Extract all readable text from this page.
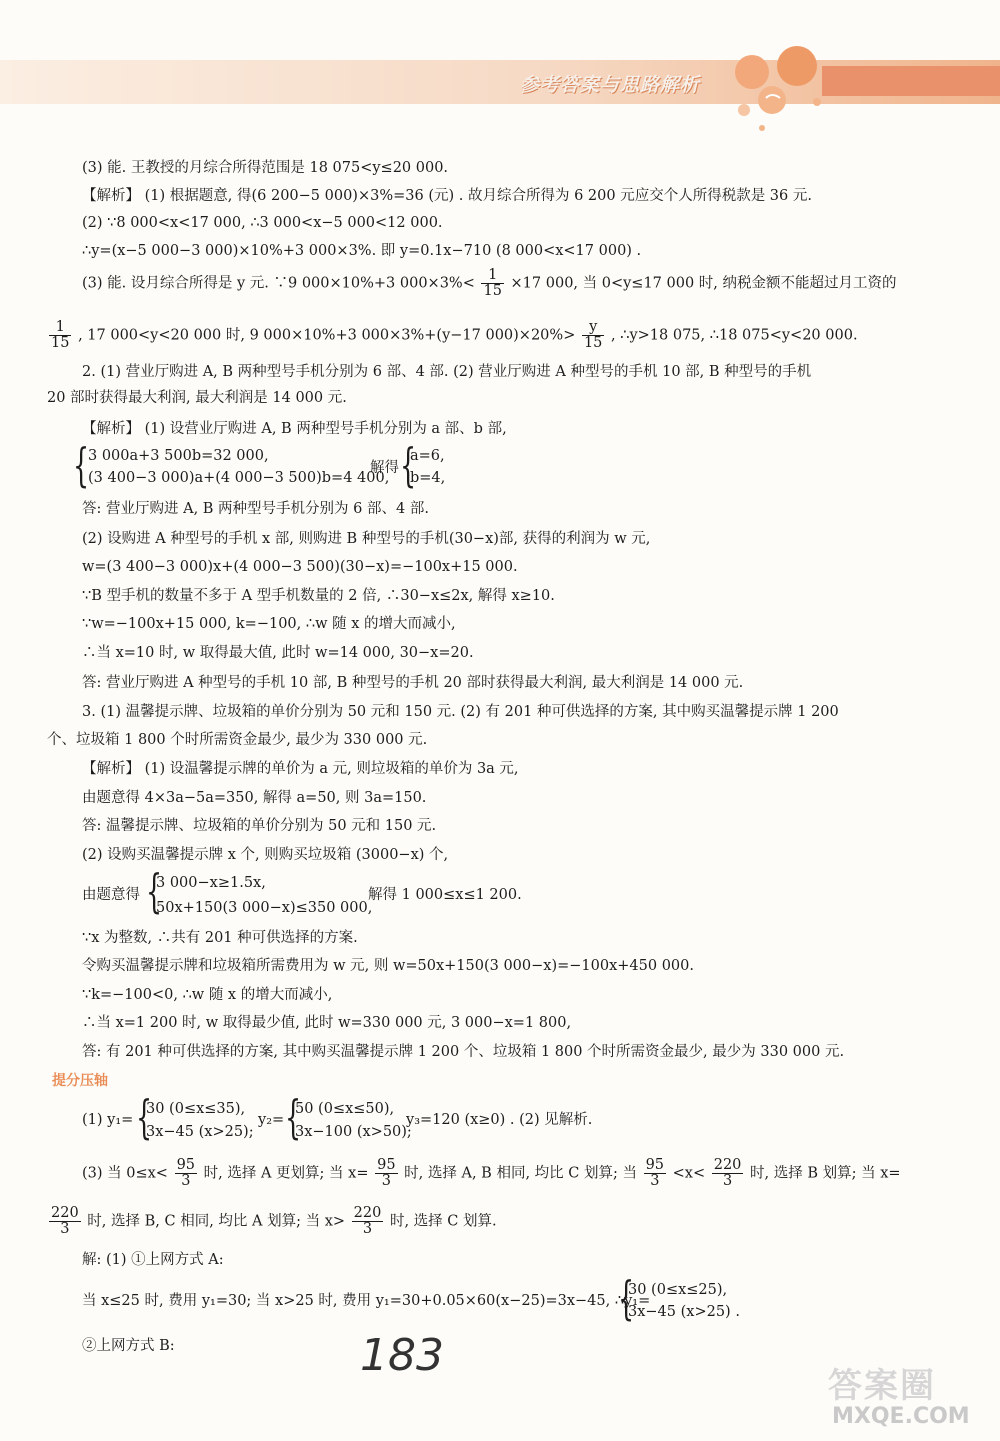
参考答案与思路解析
(3) 能. 王教授的月综合所得范围是 18 075<y≤20 000.
【解析】 (1) 根据题意, 得(6 200−5 000)×3%=36 (元) . 故月综合所得为 6 200 元应交个人所得税款是 36 元.
(2) ∵8 000<x<17 000, ∴3 000<x−5 000<12 000.
∴y=(x−5 000−3 000)×10%+3 000×3%. 即 y=0.1x−710 (8 000<x<17 000) .
(3) 能. 设月综合所得是 y 元. ∵9 000×10%+3 $000\times 3\%< \frac{1}{15} \times 17$ 000, 当 0<y≤17 000 时, 纳税金额不能超过月工资的
$\frac{1}{15}$ , 17 000<y<20 000 时, 9 000×10%+3 000×3%+(y−17 $000)\times 20\%> \frac{y}{15}$ , ∴y>18 075, ∴18 075<y<20 000.
2. (1) 营业厅购进 A, B 两种型号手机分别为 6 部、4 部. (2) 营业厅购进 A 种型号的手机 10 部, B 种型号的手机
20 部时获得最大利润, 最大利润是 14 000 元.
【解析】 (1) 设营业厅购进 A, B 两种型号手机分别为 a 部、b 部,
{
3 000a+3 500b=32 000,
(3 400−3 000)a+(4 000−3 500)b=4 400,
解得 {
a=6,
b=4,
答: 营业厅购进 A, B 两种型号手机分别为 6 部、4 部.
(2) 设购进 A 种型号的手机 x 部, 则购进 B 种型号的手机(30−x)部, 获得的利润为 w 元,
w=(3 400−3 000)x+(4 000−3 500)(30−x)=−100x+15 000.
∵B 型手机的数量不多于 A 型手机数量的 2 倍, ∴30−x≤2x, 解得 x≥10.
∵w=−100x+15 000, k=−100, ∴w 随 x 的增大而减小,
∴当 x=10 时, w 取得最大值, 此时 w=14 000, 30−x=20.
答: 营业厅购进 A 种型号的手机 10 部, B 种型号的手机 20 部时获得最大利润, 最大利润是 14 000 元.
3. (1) 温馨提示牌、垃圾箱的单价分别为 50 元和 150 元. (2) 有 201 种可供选择的方案, 其中购买温馨提示牌 1 200
个、垃圾箱 1 800 个时所需资金最少, 最少为 330 000 元.
【解析】 (1) 设温馨提示牌的单价为 a 元, 则垃圾箱的单价为 3a 元,
由题意得 4×3a−5a=350, 解得 a=50, 则 3a=150.
答: 温馨提示牌、垃圾箱的单价分别为 50 元和 150 元.
(2) 设购买温馨提示牌 x 个, 则购买垃圾箱 (3000−x) 个,
由题意得 {
3 000−x≥1.5x,
50x+150(3 000−x)≤350 000,
解得 1 000≤x≤1 200.
∵x 为整数, ∴共有 201 种可供选择的方案.
令购买温馨提示牌和垃圾箱所需费用为 w 元, 则 w=50x+150(3 000−x)=−100x+450 000.
∵k=−100<0, ∴w 随 x 的增大而减小,
∴当 x=1 200 时, w 取得最少值, 此时 w=330 000 元, 3 000−x=1 800,
答: 有 201 种可供选择的方案, 其中购买温馨提示牌 1 200 个、垃圾箱 1 800 个时所需资金最少, 最少为 330 000 元.
提分压轴
(1) y₁= {
30 (0≤x≤35),
3x−45 (x>25);
y₂= {
50 (0≤x≤50),
3x−100 (x>50);
y₃=120 (x≥0) . (2) 见解析.
(3) 当 $0\le x< \frac{95}{3}$ 时, 选择 A 更划算; 当 $x= \frac{95}{3}$ 时, 选择 A, B 相同, 均比 C 划算; 当 $\frac{95}{3} <x< \frac{220}{3}$ 时, 选择 B 划算; 当 x=
$\frac{220}{3}$ 时, 选择 B, C 相同, 均比 A 划算; 当 $x> \frac{220}{3}$ 时, 选择 C 划算.
解: (1) ①上网方式 A:
当 x≤25 时, 费用 y₁=30; 当 x>25 时, 费用 y₁=30+0.05×60(x−25)=3x−45, ∴y₁=
{
30 (0≤x≤25),
3x−45 (x>25) .
②上网方式 B:	183
答案圈
MXQE.COM
